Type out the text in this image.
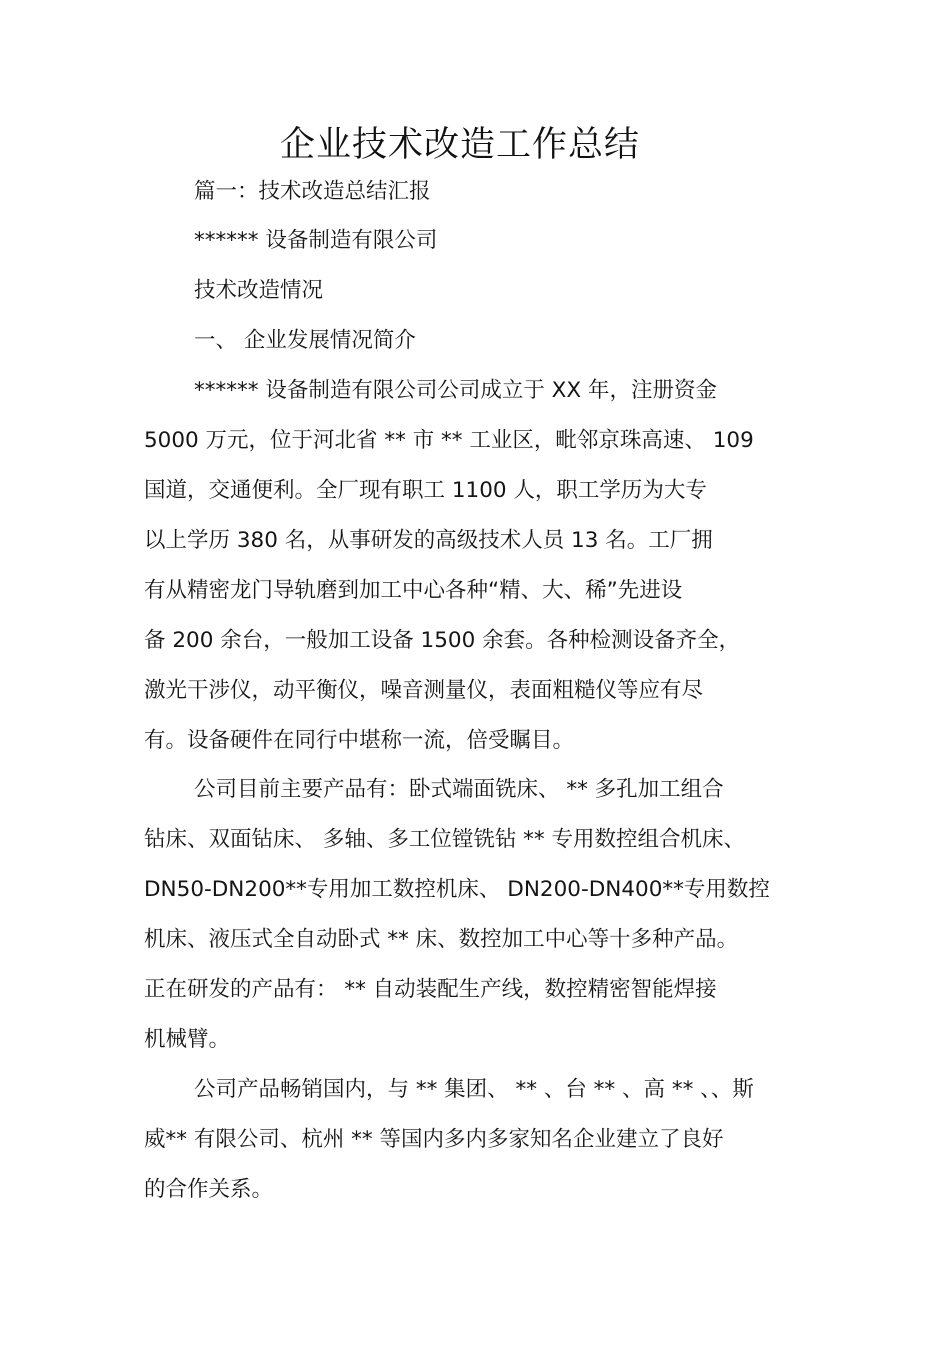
企业技术改造工作总结
篇一：技术改造总结汇报
****** 设备制造有限公司
技术改造情况
一、 企业发展情况简介
****** 设备制造有限公司公司成立于 XX 年，注册资金
5000 万元，位于河北省 ** 市 ** 工业区，毗邻京珠高速、 109
国道，交通便利。全厂现有职工 1100 人，职工学历为大专
以上学历 380 名，从事研发的高级技术人员 13 名。工厂拥
有从精密龙门导轨磨到加工中心各种“精、大、稀”先进设
备 200 余台，一般加工设备 1500 余套。各种检测设备齐全，
激光干涉仪，动平衡仪，噪音测量仪，表面粗糙仪等应有尽
有。设备硬件在同行中堪称一流，倍受瞩目。
公司目前主要产品有：卧式端面铣床、 ** 多孔加工组合
钻床、双面钻床、 多轴、多工位镗铣钻 ** 专用数控组合机床、
DN50-DN200**专用加工数控机床、 DN200-DN400**专用数控
机床、液压式全自动卧式 ** 床、数控加工中心等十多种产品。
正在研发的产品有： ** 自动装配生产线，数控精密智能焊接
机械臂。
公司产品畅销国内，与 ** 集团、 ** 、台 ** 、高 ** 、、斯
威** 有限公司、杭州 ** 等国内多内多家知名企业建立了良好
的合作关系。
